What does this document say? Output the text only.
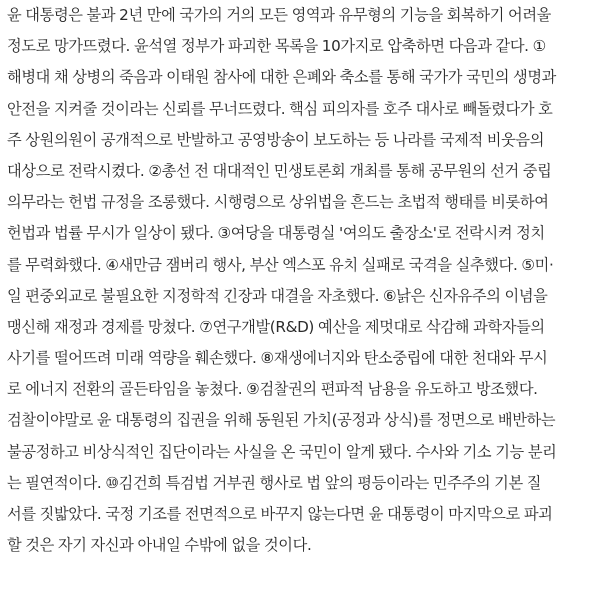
윤 대통령은 불과 2년 만에 국가의 거의 모든 영역과 유무형의 기능을 회복하기 어려울
정도로 망가뜨렸다. 윤석열 정부가 파괴한 목록을 10가지로 압축하면 다음과 같다. ①
해병대 채 상병의 죽음과 이태원 참사에 대한 은폐와 축소를 통해 국가가 국민의 생명과
안전을 지켜줄 것이라는 신뢰를 무너뜨렸다. 핵심 피의자를 호주 대사로 빼돌렸다가 호
주 상원의원이 공개적으로 반발하고 공영방송이 보도하는 등 나라를 국제적 비웃음의
대상으로 전락시켰다. ②총선 전 대대적인 민생토론회 개최를 통해 공무원의 선거 중립
의무라는 헌법 규정을 조롱했다. 시행령으로 상위법을 흔드는 초법적 행태를 비롯하여
헌법과 법률 무시가 일상이 됐다. ③여당을 대통령실 '여의도 출장소'로 전락시켜 정치
를 무력화했다. ④새만금 잼버리 행사, 부산 엑스포 유치 실패로 국격을 실추했다. ⑤미·
일 편중외교로 불필요한 지정학적 긴장과 대결을 자초했다. ⑥낡은 신자유주의 이념을
맹신해 재정과 경제를 망쳤다. ⑦연구개발(R&D) 예산을 제멋대로 삭감해 과학자들의
사기를 떨어뜨려 미래 역량을 훼손했다. ⑧재생에너지와 탄소중립에 대한 천대와 무시
로 에너지 전환의 골든타임을 놓쳤다. ⑨검찰권의 편파적 남용을 유도하고 방조했다.
검찰이야말로 윤 대통령의 집권을 위해 동원된 가치(공정과 상식)를 정면으로 배반하는
불공정하고 비상식적인 집단이라는 사실을 온 국민이 알게 됐다. 수사와 기소 기능 분리
는 필연적이다. ⑩김건희 특검법 거부권 행사로 법 앞의 평등이라는 민주주의 기본 질
서를 짓밟았다. 국정 기조를 전면적으로 바꾸지 않는다면 윤 대통령이 마지막으로 파괴
할 것은 자기 자신과 아내일 수밖에 없을 것이다.
